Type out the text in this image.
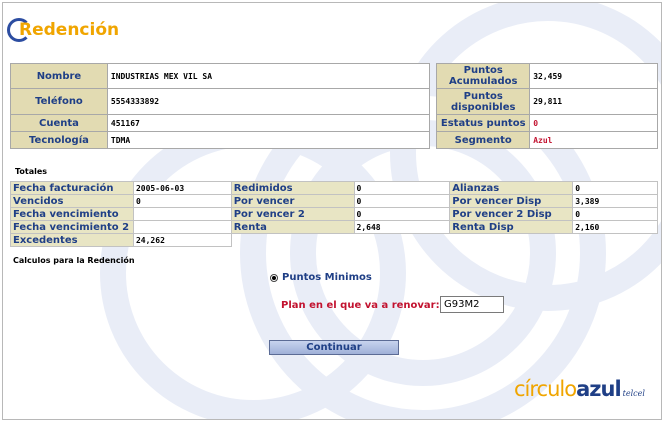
Redención
Nombre	INDUSTRIAS MEX VIL SA		Puntos Acumulados	32,459
Teléfono	5554333892		Puntos disponibles	29,811
Cuenta	451167		Estatus puntos	0
Tecnología	TDMA		Segmento	Azul
Totales
Fecha facturación	2005-06-03	Redimidos	0	Alianzas	0
Vencidos	0	Por vencer	0	Por vencer Disp	3,389
Fecha vencimiento		Por vencer 2	0	Por vencer 2 Disp	0
Fecha vencimiento 2		Renta	2,648	Renta Disp	2,160
Excedentes	24,262				
Calculos para la Redención
Puntos Minimos
Plan en el que va a renovar:
G93M2
Continuar
círculo azul telcel
